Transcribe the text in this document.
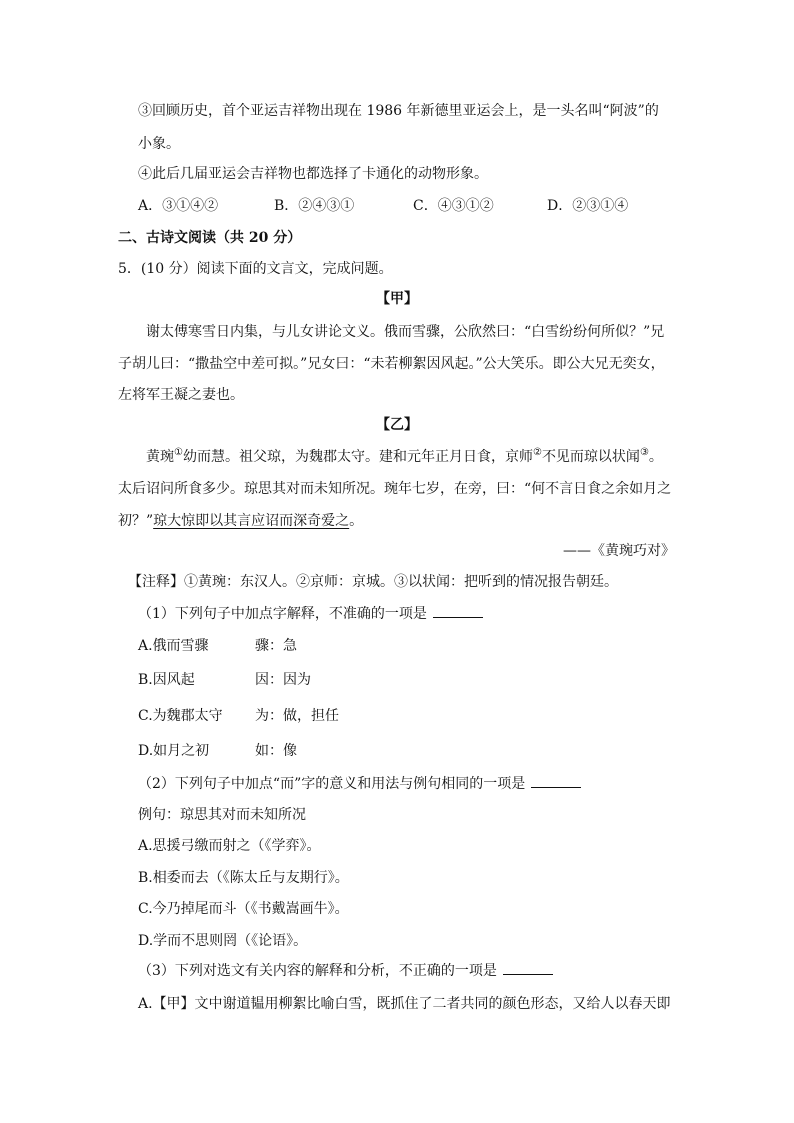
③回顾历史，首个亚运吉祥物出现在 1986 年新德里亚运会上，是一头名叫“阿波”的
小象。
④此后几届亚运会吉祥物也都选择了卡通化的动物形象。
A．③①④②	B．②④③①	C．④③①②	D．②③①④
二、古诗文阅读（共 20 分）
5．(10 分）阅读下面的文言文，完成问题。
【甲】
谢太傅寒雪日内集，与儿女讲论文义。俄而雪骤，公欣然曰：“白雪纷纷何所似？”兄
子胡儿曰：“撒盐空中差可拟。”兄女曰：“未若柳絮因风起。”公大笑乐。即公大兄无奕女，
左将军王凝之妻也。
【乙】
黄琬①幼而慧。祖父琼，为魏郡太守。建和元年正月日食，京师②不见而琼以状闻③。
太后诏问所食多少。琼思其对而未知所况。琬年七岁，在旁，曰：“何不言日食之余如月之
初？”琼大惊即以其言应诏而深奇爱之。
——《黄琬巧对》
【注释】①黄琬：东汉人。②京师：京城。③以状闻：把听到的情况报告朝廷。
（1）下列句子中加点字解释，不准确的一项是
A.俄而雪骤	骤：急
B.因风起	因：因为
C.为魏郡太守 为：做，担任
D.如月之初	如：像
（2）下列句子中加点“而”字的意义和用法与例句相同的一项是
例句：琼思其对而未知所况
A.思援弓缴而射之（《学弈》。
B.相委而去（《陈太丘与友期行》。
C.今乃掉尾而斗（《书戴嵩画牛》。
D.学而不思则罔（《论语》。
（3）下列对选文有关内容的解释和分析，不正确的一项是
A.【甲】文中谢道韫用柳絮比喻白雪，既抓住了二者共同的颜色形态，又给人以春天即
